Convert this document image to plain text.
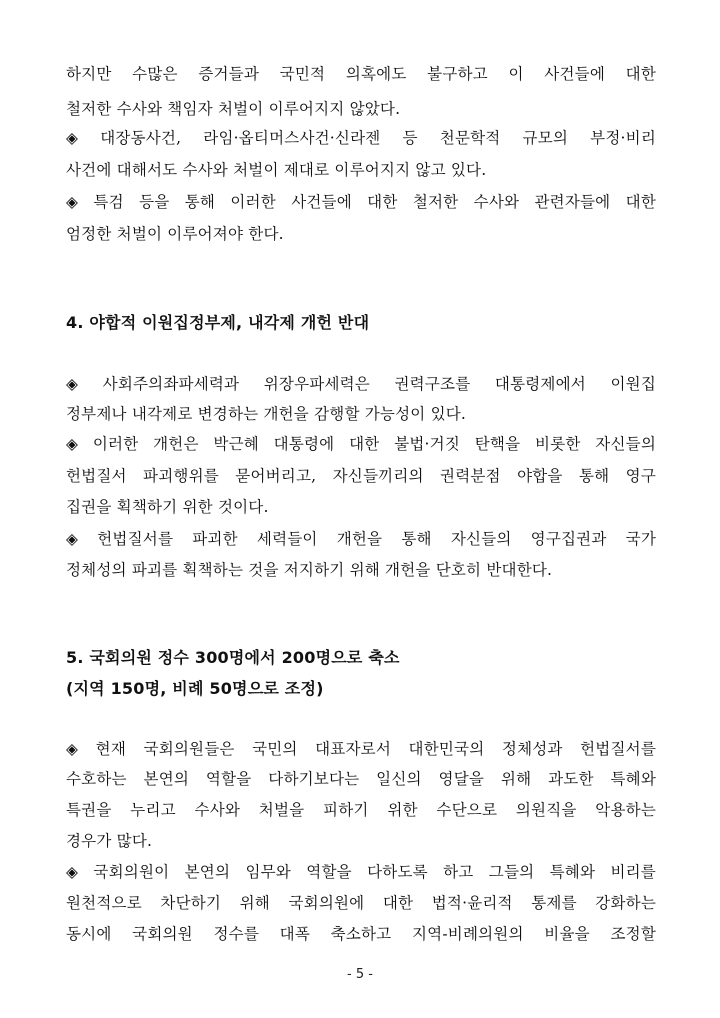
하지만 수많은 증거들과 국민적 의혹에도 불구하고 이 사건들에 대한
철저한 수사와 책임자 처벌이 이루어지지 않았다.
◈ 대장동사건, 라임·옵티머스사건·신라젠 등 천문학적 규모의 부정·비리
사건에 대해서도 수사와 처벌이 제대로 이루어지지 않고 있다.
◈ 특검 등을 통해 이러한 사건들에 대한 철저한 수사와 관련자들에 대한
엄정한 처벌이 이루어져야 한다.
4. 야합적 이원집정부제, 내각제 개헌 반대
◈ 사회주의좌파세력과 위장우파세력은 권력구조를 대통령제에서 이원집
정부제나 내각제로 변경하는 개헌을 감행할 가능성이 있다.
◈ 이러한 개헌은 박근혜 대통령에 대한 불법·거짓 탄핵을 비롯한 자신들의
헌법질서 파괴행위를 묻어버리고, 자신들끼리의 권력분점 야합을 통해 영구
집권을 획책하기 위한 것이다.
◈ 헌법질서를 파괴한 세력들이 개헌을 통해 자신들의 영구집권과 국가
정체성의 파괴를 획책하는 것을 저지하기 위해 개헌을 단호히 반대한다.
5. 국회의원 정수 300명에서 200명으로 축소
(지역 150명, 비례 50명으로 조정)
◈ 현재 국회의원들은 국민의 대표자로서 대한민국의 정체성과 헌법질서를
수호하는 본연의 역할을 다하기보다는 일신의 영달을 위해 과도한 특혜와
특권을 누리고 수사와 처벌을 피하기 위한 수단으로 의원직을 악용하는
경우가 많다.
◈ 국회의원이 본연의 임무와 역할을 다하도록 하고 그들의 특혜와 비리를
원천적으로 차단하기 위해 국회의원에 대한 법적·윤리적 통제를 강화하는
동시에 국회의원 정수를 대폭 축소하고 지역-비례의원의 비율을 조정할
- 5 -
